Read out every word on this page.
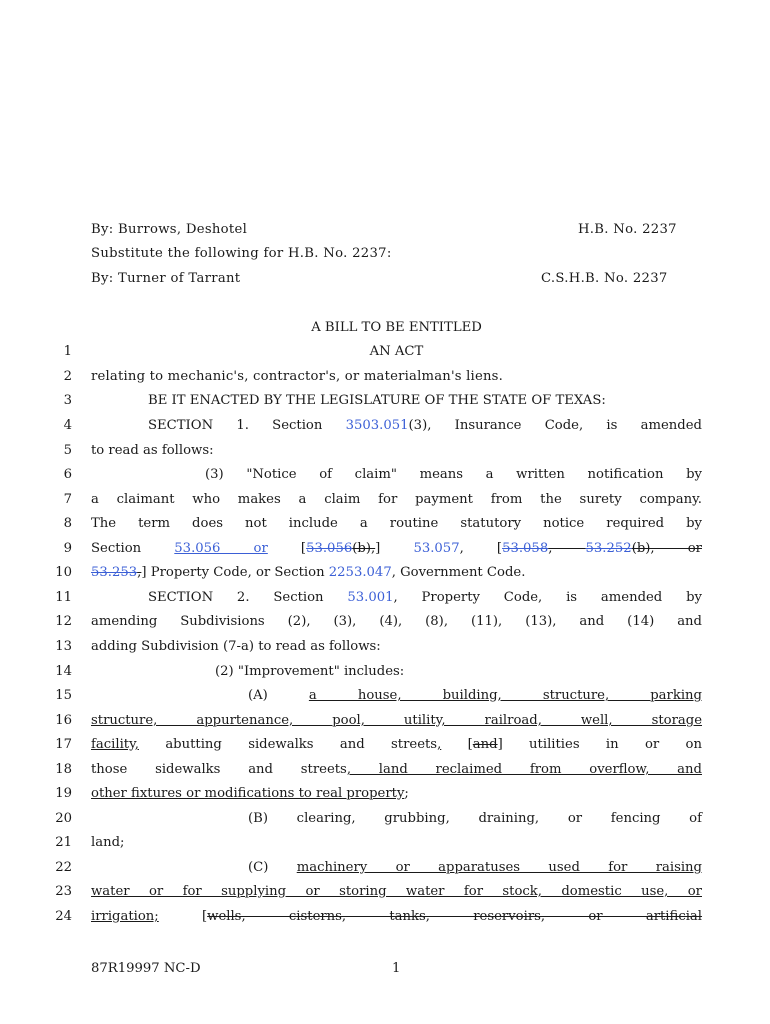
By: Burrows, Deshotel	H.B. No. 2237
Substitute the following for H.B. No. 2237:
By: Turner of Tarrant	C.S.H.B. No. 2237
A BILL TO BE ENTITLED
1
2
3
4
5
6
7
8
9
10
11
12
13
14
15
16
17
18
19
20
21
22
23
24
AN ACT
relating to mechanic's, contractor's, or materialman's liens.
BE IT ENACTED BY THE LEGISLATURE OF THE STATE OF TEXAS:
SECTION 1. Section 3503.051(3), Insurance Code, is amended
to read as follows:
(3) "Notice of claim" means a written notification by
a claimant who makes a claim for payment from the surety company.
The term does not include a routine statutory notice required by
Section 53.056 or [53.056(b),] 53.057, [53.058, 53.252(b), or
53.253,] Property Code, or Section 2253.047, Government Code.
SECTION 2. Section 53.001, Property Code, is amended by
amending Subdivisions (2), (3), (4), (8), (11), (13), and (14) and
adding Subdivision (7-a) to read as follows:
(2) "Improvement" includes:
(A) a house, building, structure, parking
structure, appurtenance, pool, utility, railroad, well, storage
facility, abutting sidewalks and streets, [and] utilities in or on
those sidewalks and streets, land reclaimed from overflow, and
other fixtures or modifications to real property;
(B) clearing, grubbing, draining, or fencing of
land;
(C) machinery or apparatuses used for raising
water or for supplying or storing water for stock, domestic use, or
irrigation; [wells, cisterns, tanks, reservoirs, or artificial
87R19997 NC-D	1
